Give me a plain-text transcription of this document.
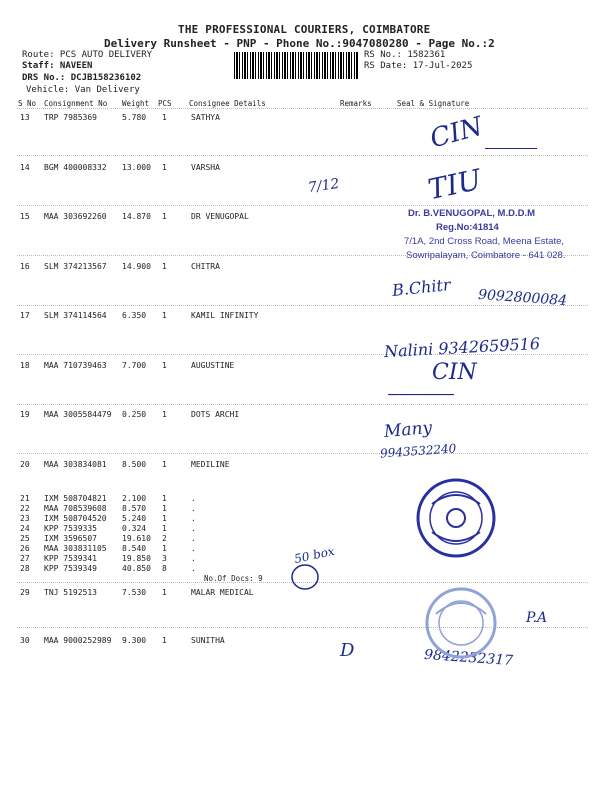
THE PROFESSIONAL COURIERS, COIMBATORE
Delivery Runsheet - PNP - Phone No.:9047080280 - Page No.:2
Route: PCS AUTO DELIVERY
Staff: NAVEEN
DRS No.: DCJB158236102
Vehicle: Van Delivery
RS No.: 1582361
RS Date: 17-Jul-2025
S No Consignment No Weight PCS Consignee Details	Remarks	Seal & Signature
13 TRP 7985369	5.780 1	SATHYA
14 BGM 400008332 13.000 1	VARSHA
15 MAA 303692260 14.870 1	DR VENUGOPAL
16 SLM 374213567 14.900 1	CHITRA
17 SLM 374114564 6.350 1	KAMIL INFINITY
18 MAA 710739463 7.700 1	AUGUSTINE
19 MAA 3005584479 0.250 1	DOTS ARCHI
20 MAA 303834081 8.500 1	MEDILINE
21 IXM 508704821 2.100 1	.
22 MAA 708539608 8.570 1	.
23 IXM 508704520 5.240 1	.
24 KPP 7539335	0.324 1	.
25 IXM 3596507	19.610 2	.
26 MAA 303831105 8.540 1	.
27 KPP 7539341	19.850 3	.
28 KPP 7539349	40.850 8	.
No.Of Docs: 9
29 TNJ 5192513	7.530 1	MALAR MEDICAL
30 MAA 9000252989 9.300 1	SUNITHA
Dr. B.VENUGOPAL, M.D.D.M
Reg.No:41814
7/1A, 2nd Cross Road, Meena Estate,
Sowripalayam, Coimbatore - 641 028.
CIN ————
TIU
7/12
B.Chitr 9092800084
Nalini 9342659516
CIN
——————
Many
9943532240
50 box
P.A
D	9842232317
